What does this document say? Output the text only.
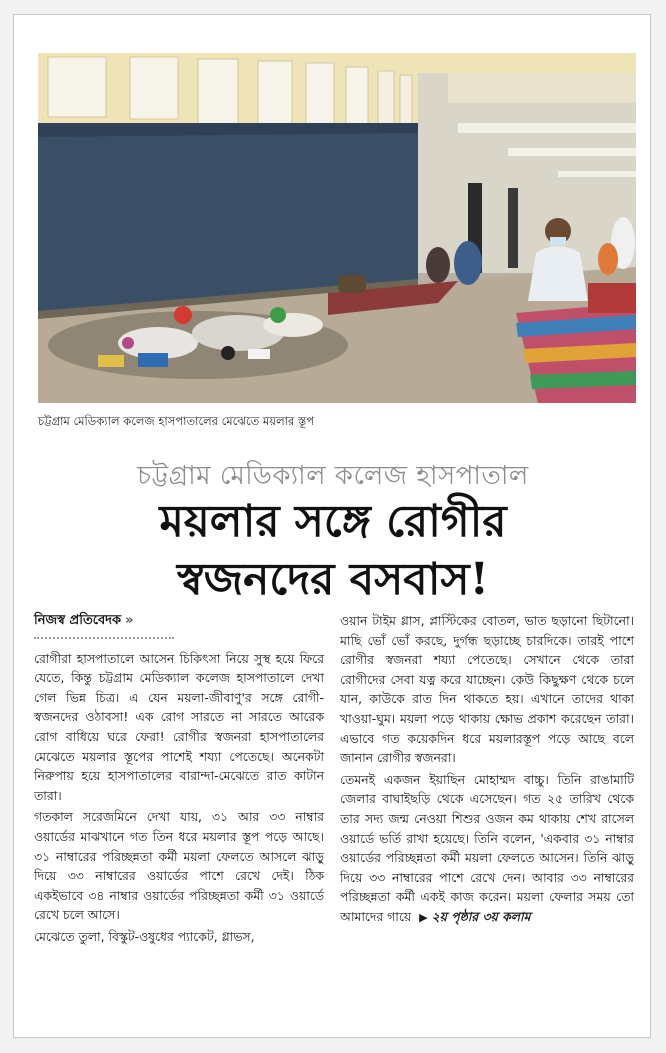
চট্টগ্রাম মেডিক্যাল কলেজ হাসপাতালের মেঝেতে ময়লার স্তূপ
চট্টগ্রাম মেডিক্যাল কলেজ হাসপাতাল
ময়লার সঙ্গে রোগীর
স্বজনদের বসবাস!
নিজস্ব প্রতিবেদক »

রোগীরা হাসপাতালে আসেন চিকিৎসা নিয়ে সুস্থ হয়ে ফিরে যেতে, কিন্তু চট্টগ্রাম মেডিক্যাল কলেজ হাসপাতালে দেখা গেল ভিন্ন চিত্র। এ যেন ময়লা-জীবাণু'র সঙ্গে রোগী-স্বজনদের ওঠাবসা! এক রোগ সারতে না সারতে আরেক রোগ বাধিয়ে ঘরে ফেরা! রোগীর স্বজনরা হাসপাতালের মেঝেতে ময়লার স্তূপের পাশেই শয্যা পেতেছে। অনেকটা নিরুপায় হয়ে হাসপাতালের বারান্দা-মেঝেতে রাত কাটান তারা।

গতকাল সরেজমিনে দেখা যায়, ৩১ আর ৩৩ নাম্বার ওয়ার্ডের মাঝখানে গত তিন ধরে ময়লার স্তূপ পড়ে আছে। ৩১ নাম্বারের পরিচ্ছন্নতা কর্মী ময়লা ফেলতে আসলে ঝাড়ু দিয়ে ৩৩ নাম্বারের ওয়ার্ডের পাশে রেখে দেই। ঠিক একইভাবে ৩৪ নাম্বার ওয়ার্ডের পরিচ্ছন্নতা কর্মী ৩১ ওয়ার্ডে রেখে চলে আসে।

মেঝেতে তুলা, বিস্কুট-ওষুধের প্যাকেট, গ্লাভস,

ওয়ান টাইম গ্লাস, প্লাস্টিকের বোতল, ভাত ছড়ানো ছিটানো। মাছি ভোঁ ভোঁ করছে, দুর্গন্ধ ছড়াচ্ছে চারদিকে। তারই পাশে রোগীর স্বজনরা শয্যা পেতেছে। সেখানে থেকে তারা রোগীদের সেবা যত্ন করে যাচ্ছেন। কেউ কিছুক্ষণ থেকে চলে যান, কাউকে রাত দিন থাকতে হয়। এখানে তাদের থাকা খাওয়া-ঘুম। ময়লা পড়ে থাকায় ক্ষোভ প্রকাশ করেছেন তারা। এভাবে গত কয়েকদিন ধরে ময়লারস্তূপ পড়ে আছে বলে জানান রোগীর স্বজনরা।

তেমনই একজন ইয়াছিন মোহাম্মদ বাচ্চু। তিনি রাঙামাটি জেলার বাঘাইছড়ি থেকে এসেছেন। গত ২৫ তারিখ থেকে তার সদ্য জন্ম নেওয়া শিশুর ওজন কম থাকায় শেখ রাসেল ওয়ার্ডে ভর্তি রাখা হয়েছে। তিনি বলেন, 'একবার ৩১ নাম্বার ওয়ার্ডের পরিচ্ছন্নতা কর্মী ময়লা ফেলতে আসেন। তিনি ঝাড়ু দিয়ে ৩৩ নাম্বারের পাশে রেখে দেন। আবার ৩৩ নাম্বারের পরিচ্ছন্নতা কর্মী একই কাজ করেন। ময়লা ফেলার সময় তো আমাদের গায়ে ▶ ২য় পৃষ্ঠার ৩য় কলাম
